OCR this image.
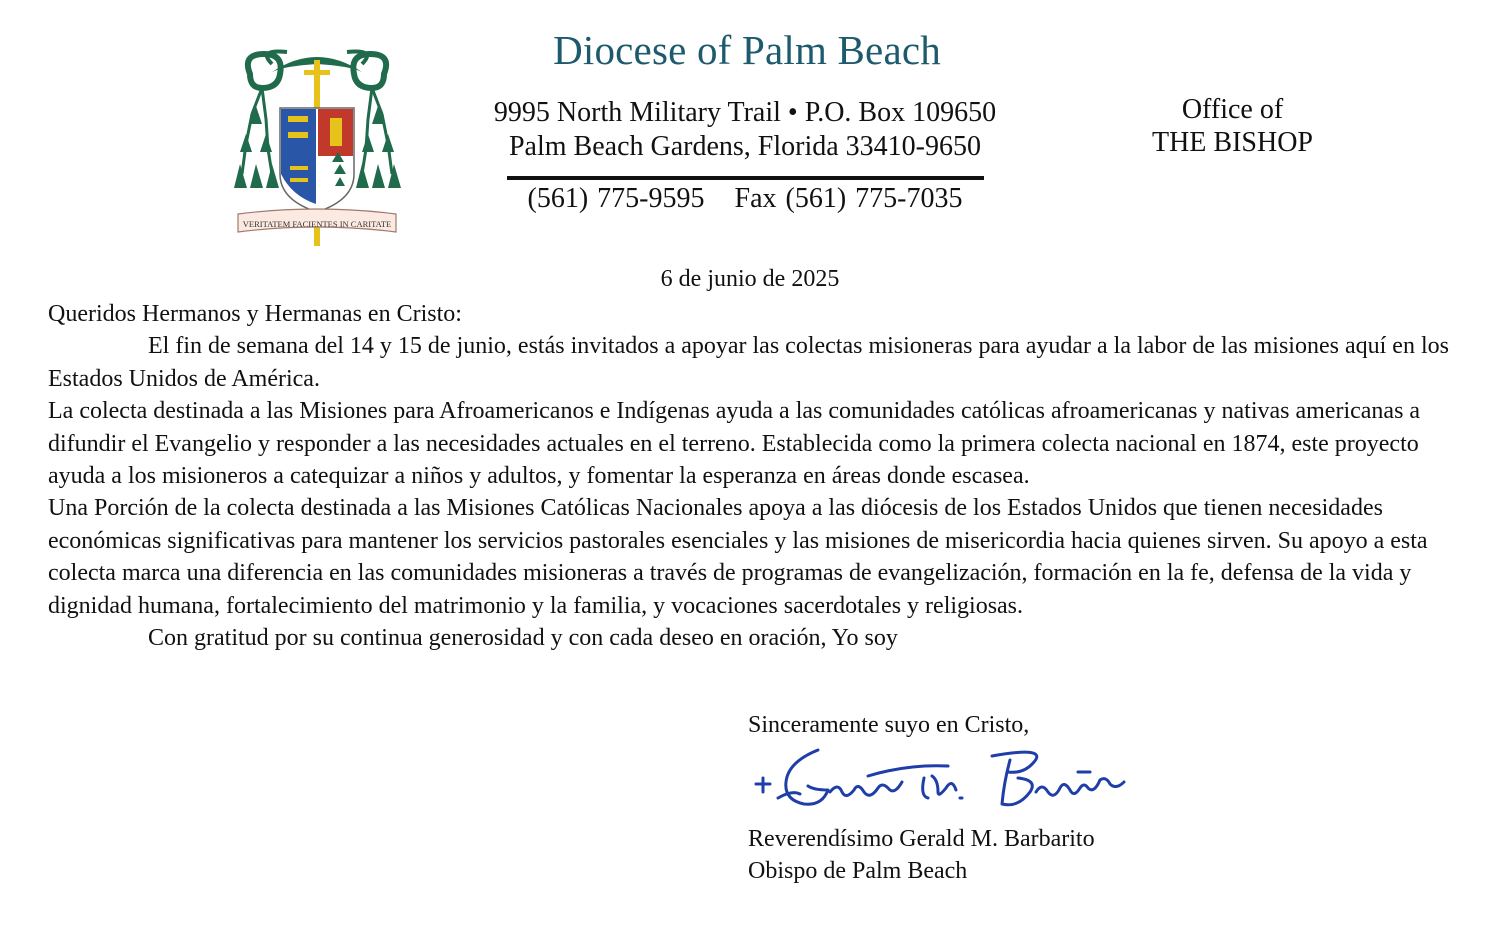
VERITATEM FACIENTES IN CARITATE
Diocese of Palm Beach
9995 North Military Trail • P.O. Box 109650
Palm Beach Gardens, Florida 33410-9650
(561) 775-9595 Fax (561) 775-7035
Office of
THE BISHOP
6 de junio de 2025

Queridos Hermanos y Hermanas en Cristo:

El fin de semana del 14 y 15 de junio, estás invitados a apoyar las colectas misioneras para ayudar a la labor de las misiones aquí en los Estados Unidos de América.

La colecta destinada a las Misiones para Afroamericanos e Indígenas ayuda a las comunidades católicas afroamericanas y nativas americanas a difundir el Evangelio y responder a las necesidades actuales en el terreno. Establecida como la primera colecta nacional en 1874, este proyecto ayuda a los misioneros a catequizar a niños y adultos, y fomentar la esperanza en áreas donde escasea.

Una Porción de la colecta destinada a las Misiones Católicas Nacionales apoya a las diócesis de los Estados Unidos que tienen necesidades económicas significativas para mantener los servicios pastorales esenciales y las misiones de misericordia hacia quienes sirven. Su apoyo a esta colecta marca una diferencia en las comunidades misioneras a través de programas de evangelización, formación en la fe, defensa de la vida y dignidad humana, fortalecimiento del matrimonio y la familia, y vocaciones sacerdotales y religiosas.

Con gratitud por su continua generosidad y con cada deseo en oración, Yo soy

Sinceramente suyo en Cristo,
Reverendísimo Gerald M. Barbarito
Obispo de Palm Beach
